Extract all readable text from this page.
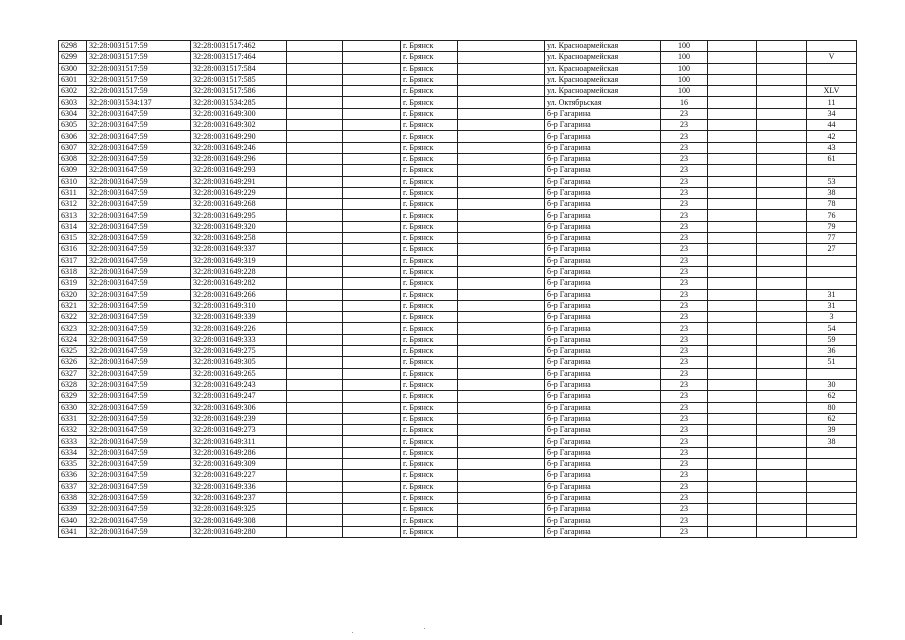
6298	32:28:0031517:59	32:28:0031517:462			г. Брянск		ул. Красноармейская	100			
6299	32:28:0031517:59	32:28:0031517:464			г. Брянск		ул. Красноармейская	100			V
6300	32:28:0031517:59	32:28:0031517:584			г. Брянск		ул. Красноармейская	100			
6301	32:28:0031517:59	32:28:0031517:585			г. Брянск		ул. Красноармейская	100			
6302	32:28:0031517:59	32:28:0031517:586			г. Брянск		ул. Красноармейская	100			XLV
6303	32:28:0031534:137	32:28:0031534:285			г. Брянск		ул. Октябрьская	16			11
6304	32:28:0031647:59	32:28:0031649:300			г. Брянск		б-р Гагарина	23			34
6305	32:28:0031647:59	32:28:0031649:302			г. Брянск		б-р Гагарина	23			44
6306	32:28:0031647:59	32:28:0031649:290			г. Брянск		б-р Гагарина	23			42
6307	32:28:0031647:59	32:28:0031649:246			г. Брянск		б-р Гагарина	23			43
6308	32:28:0031647:59	32:28:0031649:296			г. Брянск		б-р Гагарина	23			61
6309	32:28:0031647:59	32:28:0031649:293			г. Брянск		б-р Гагарина	23			
6310	32:28:0031647:59	32:28:0031649:291			г. Брянск		б-р Гагарина	23			53
6311	32:28:0031647:59	32:28:0031649:229			г. Брянск		б-р Гагарина	23			38
6312	32:28:0031647:59	32:28:0031649:268			г. Брянск		б-р Гагарина	23			78
6313	32:28:0031647:59	32:28:0031649:295			г. Брянск		б-р Гагарина	23			76
6314	32:28:0031647:59	32:28:0031649:320			г. Брянск		б-р Гагарина	23			79
6315	32:28:0031647:59	32:28:0031649:258			г. Брянск		б-р Гагарина	23			77
6316	32:28:0031647:59	32:28:0031649:337			г. Брянск		б-р Гагарина	23			27
6317	32:28:0031647:59	32:28:0031649:319			г. Брянск		б-р Гагарина	23			
6318	32:28:0031647:59	32:28:0031649:228			г. Брянск		б-р Гагарина	23			
6319	32:28:0031647:59	32:28:0031649:282			г. Брянск		б-р Гагарина	23			
6320	32:28:0031647:59	32:28:0031649:266			г. Брянск		б-р Гагарина	23			31
6321	32:28:0031647:59	32:28:0031649:310			г. Брянск		б-р Гагарина	23			31
6322	32:28:0031647:59	32:28:0031649:339			г. Брянск		б-р Гагарина	23			3
6323	32:28:0031647:59	32:28:0031649:226			г. Брянск		б-р Гагарина	23			54
6324	32:28:0031647:59	32:28:0031649:333			г. Брянск		б-р Гагарина	23			59
6325	32:28:0031647:59	32:28:0031649:275			г. Брянск		б-р Гагарина	23			36
6326	32:28:0031647:59	32:28:0031649:305			г. Брянск		б-р Гагарина	23			51
6327	32:28:0031647:59	32:28:0031649:265			г. Брянск		б-р Гагарина	23			
6328	32:28:0031647:59	32:28:0031649:243			г. Брянск		б-р Гагарина	23			30
6329	32:28:0031647:59	32:28:0031649:247			г. Брянск		б-р Гагарина	23			62
6330	32:28:0031647:59	32:28:0031649:306			г. Брянск		б-р Гагарина	23			80
6331	32:28:0031647:59	32:28:0031649:239			г. Брянск		б-р Гагарина	23			62
6332	32:28:0031647:59	32:28:0031649:273			г. Брянск		б-р Гагарина	23			39
6333	32:28:0031647:59	32:28:0031649:311			г. Брянск		б-р Гагарина	23			38
6334	32:28:0031647:59	32:28:0031649:286			г. Брянск		б-р Гагарина	23			
6335	32:28:0031647:59	32:28:0031649:309			г. Брянск		б-р Гагарина	23			
6336	32:28:0031647:59	32:28:0031649:227			г. Брянск		б-р Гагарина	23			
6337	32:28:0031647:59	32:28:0031649:336			г. Брянск		б-р Гагарина	23			
6338	32:28:0031647:59	32:28:0031649:237			г. Брянск		б-р Гагарина	23			
6339	32:28:0031647:59	32:28:0031649:325			г. Брянск		б-р Гагарина	23			
6340	32:28:0031647:59	32:28:0031649:308			г. Брянск		б-р Гагарина	23			
6341	32:28:0031647:59	32:28:0031649:280			г. Брянск		б-р Гагарина	23			
